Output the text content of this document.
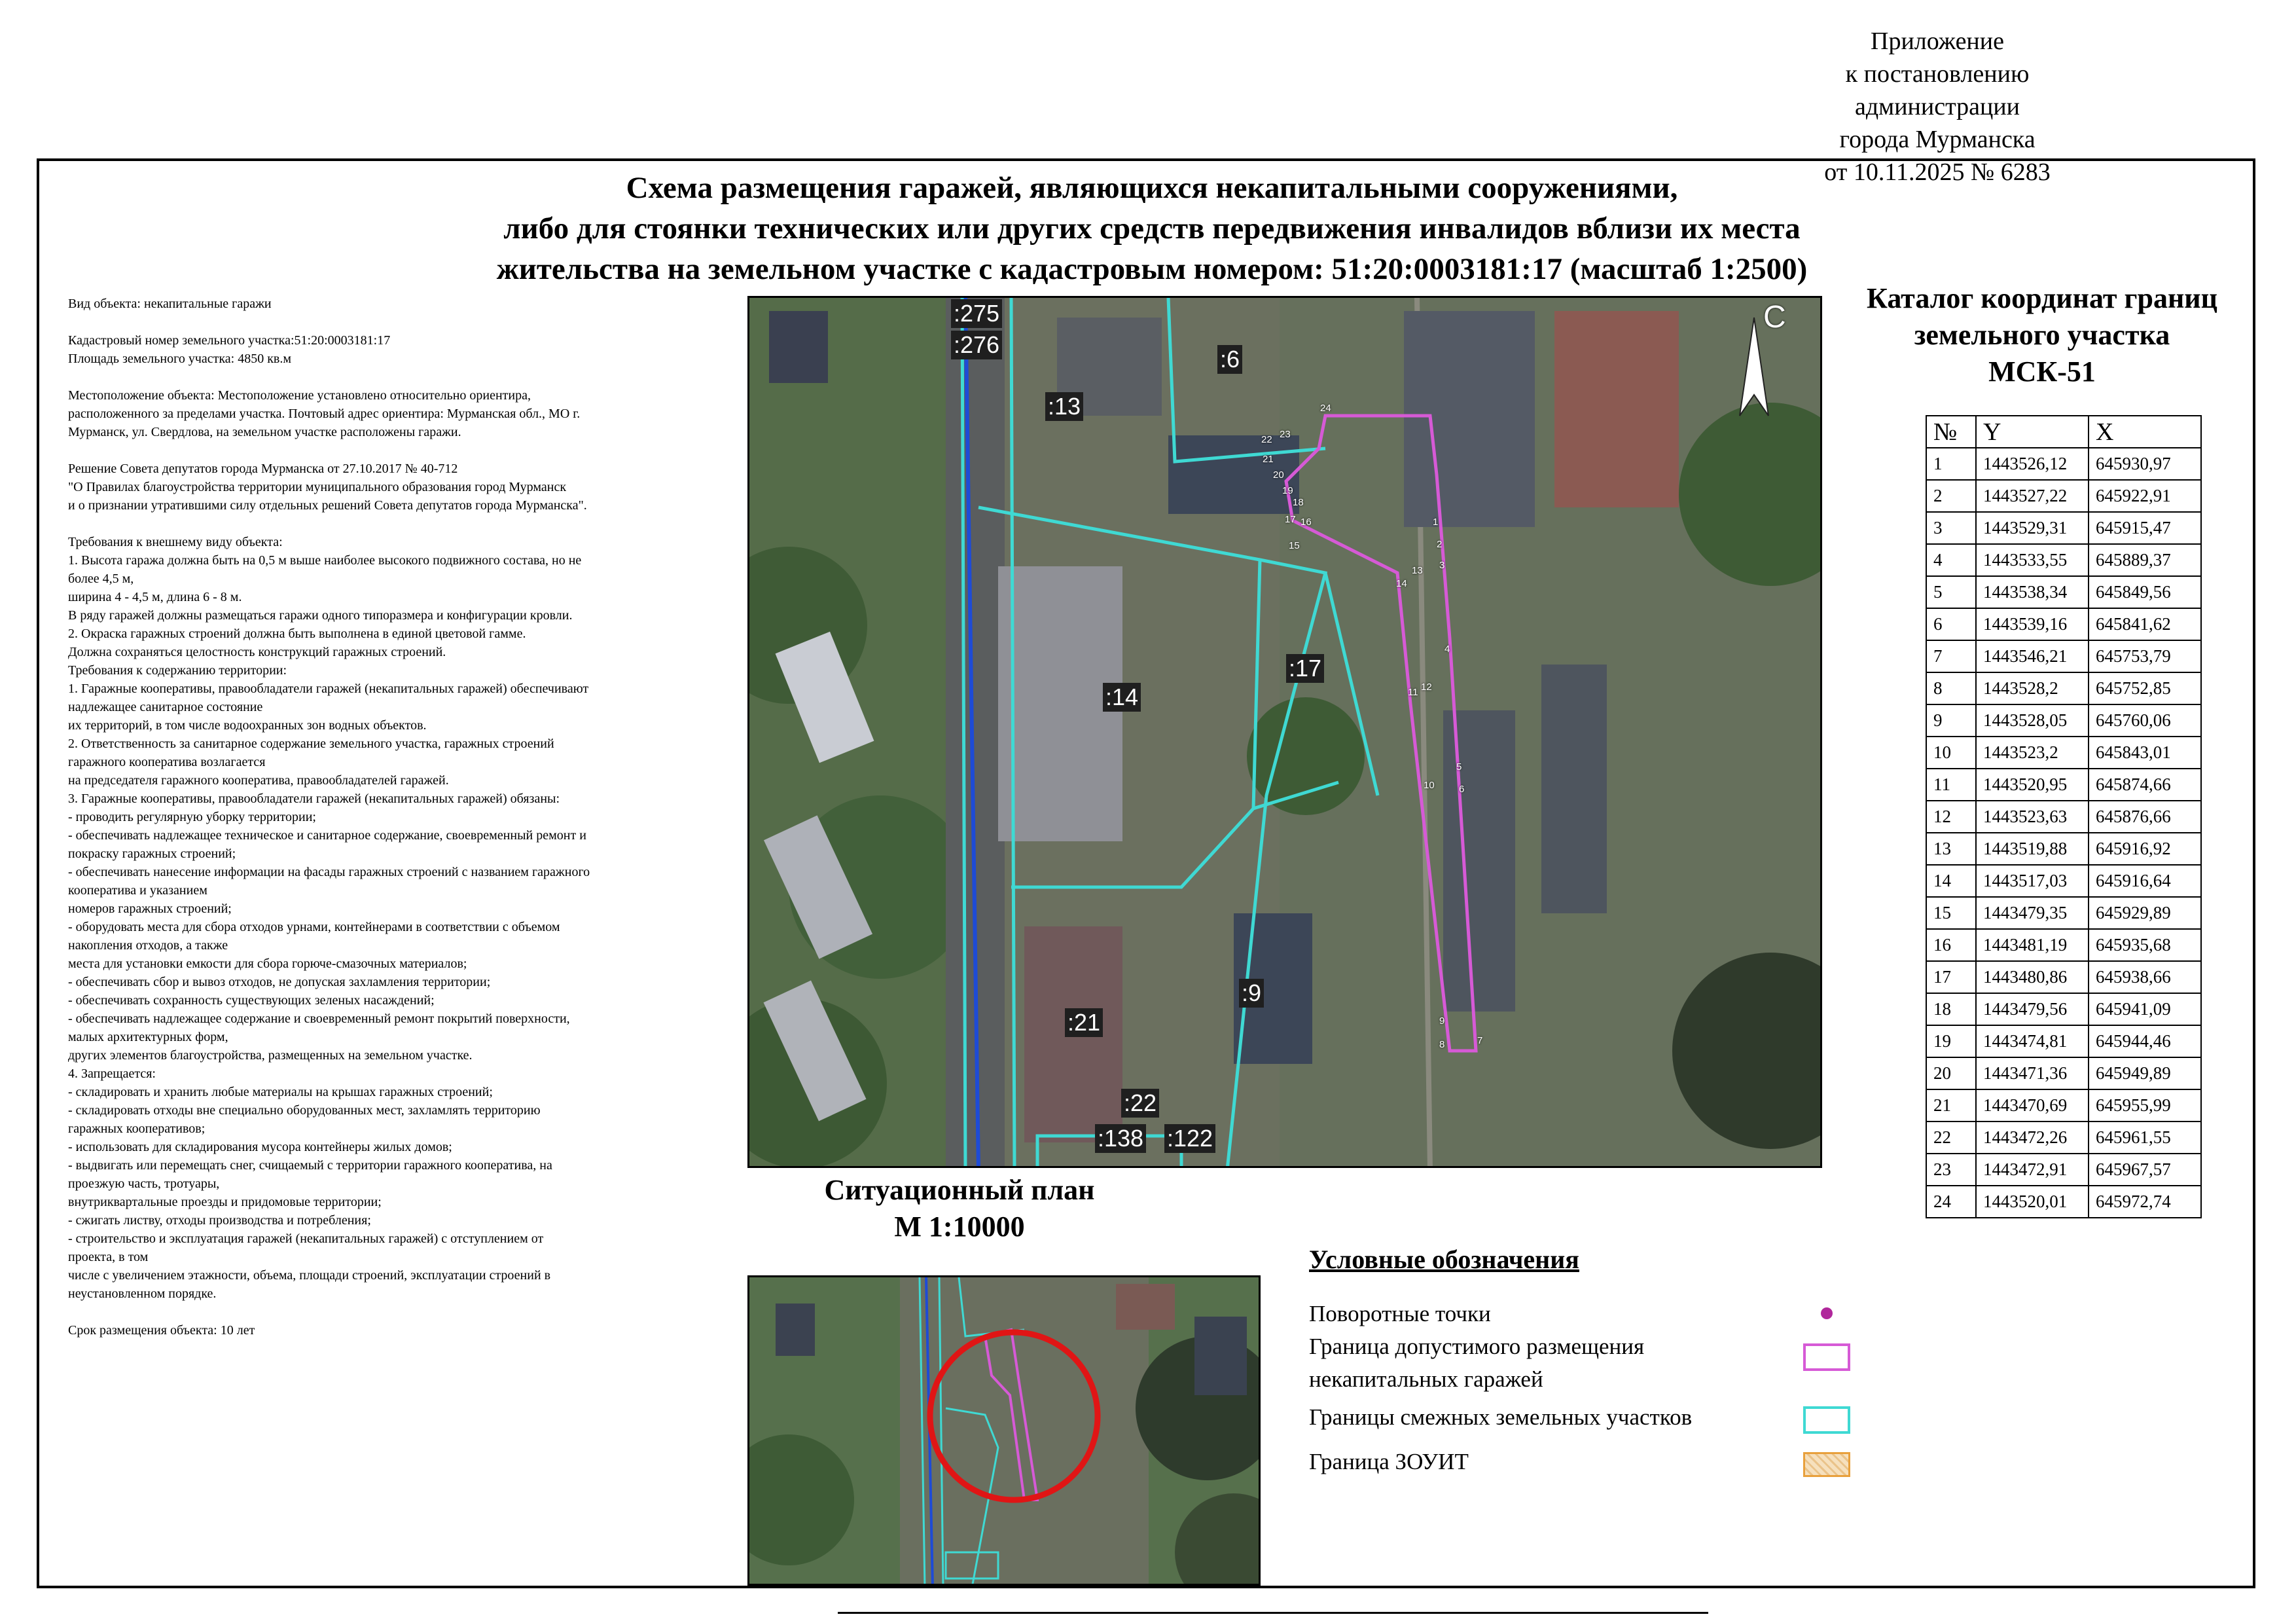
Приложение
к постановлению администрации
города Мурманска
от 10.11.2025 № 6283
Схема размещения гаражей, являющихся некапитальными сооружениями,
либо для стоянки технических или других средств передвижения инвалидов вблизи их места
жительства на земельном участке с кадастровым номером: 51:20:0003181:17 (масштаб 1:2500)

Вид объекта: некапитальные гаражи

Кадастровый номер земельного участка:51:20:0003181:17
Площадь земельного участка: 4850 кв.м

Местоположение объекта: Местоположение установлено относительно ориентира,
расположенного за пределами участка. Почтовый адрес ориентира: Мурманская обл., МО г.
Мурманск, ул. Свердлова, на земельном участке расположены гаражи.

Решение Совета депутатов города Мурманска от 27.10.2017 № 40-712
"О Правилах благоустройства территории муниципального образования город Мурманск
и о признании утратившими силу отдельных решений Совета депутатов города Мурманска".

Требования к внешнему виду объекта:
1. Высота гаража должна быть на 0,5 м выше наиболее высокого подвижного состава, но не
более 4,5 м,
ширина 4 - 4,5 м, длина 6 - 8 м.
В ряду гаражей должны размещаться гаражи одного типоразмера и конфигурации кровли.
2. Окраска гаражных строений должна быть выполнена в единой цветовой гамме.
Должна сохраняться целостность конструкций гаражных строений.
Требования к содержанию территории:
1. Гаражные кооперативы, правообладатели гаражей (некапитальных гаражей) обеспечивают
надлежащее санитарное состояние
их территорий, в том числе водоохранных зон водных объектов.
2. Ответственность за санитарное содержание земельного участка, гаражных строений
гаражного кооператива возлагается
на председателя гаражного кооператива, правообладателей гаражей.
3. Гаражные кооперативы, правообладатели гаражей (некапитальных гаражей) обязаны:
- проводить регулярную уборку территории;
- обеспечивать надлежащее техническое и санитарное содержание, своевременный ремонт и
покраску гаражных строений;
- обеспечивать нанесение информации на фасады гаражных строений с названием гаражного
кооператива и указанием
номеров гаражных строений;
- оборудовать места для сбора отходов урнами, контейнерами в соответствии с объемом
накопления отходов, а также
места для установки емкости для сбора горюче-смазочных материалов;
- обеспечивать сбор и вывоз отходов, не допуская захламления территории;
- обеспечивать сохранность существующих зеленых насаждений;
- обеспечивать надлежащее содержание и своевременный ремонт покрытий поверхности,
малых архитектурных форм,
других элементов благоустройства, размещенных на земельном участке.
4. Запрещается:
- складировать и хранить любые материалы на крышах гаражных строений;
- складировать отходы вне специально оборудованных мест, захламлять территорию
гаражных кооперативов;
- использовать для складирования мусора контейнеры жилых домов;
- выдвигать или перемещать снег, счищаемый с территории гаражного кооператива, на
проезжую часть, тротуары,
внутриквартальные проезды и придомовые территории;
- сжигать листву, отходы производства и потребления;
- строительство и эксплуатация гаражей (некапитальных гаражей) с отступлением от
проекта, в том
числе с увеличением этажности, объема, площади строений, эксплуатации строений в
неустановленном порядке.

Срок размещения объекта: 10 лет

С
:275
:276
:13
:6
:14
:17
:9
:21
:22
:138 :122
1
2
3
4
5
6
7
8
9
10
11 12
13
14
15
16
17
18
19
20
21
22 23
24
Ситуационный план
М 1:10000
Каталог координат границ
земельного участка
МСК-51
№	Y	X
1	1443526,12	645930,97
2	1443527,22	645922,91
3	1443529,31	645915,47
4	1443533,55	645889,37
5	1443538,34	645849,56
6	1443539,16	645841,62
7	1443546,21	645753,79
8	1443528,2	645752,85
9	1443528,05	645760,06
10	1443523,2	645843,01
11	1443520,95	645874,66
12	1443523,63	645876,66
13	1443519,88	645916,92
14	1443517,03	645916,64
15	1443479,35	645929,89
16	1443481,19	645935,68
17	1443480,86	645938,66
18	1443479,56	645941,09
19	1443474,81	645944,46
20	1443471,36	645949,89
21	1443470,69	645955,99
22	1443472,26	645961,55
23	1443472,91	645967,57
24	1443520,01	645972,74
Условные обозначения
Поворотные точки
Граница допустимого размещения
некапитальных гаражей
Границы смежных земельных участков
Граница ЗОУИТ
